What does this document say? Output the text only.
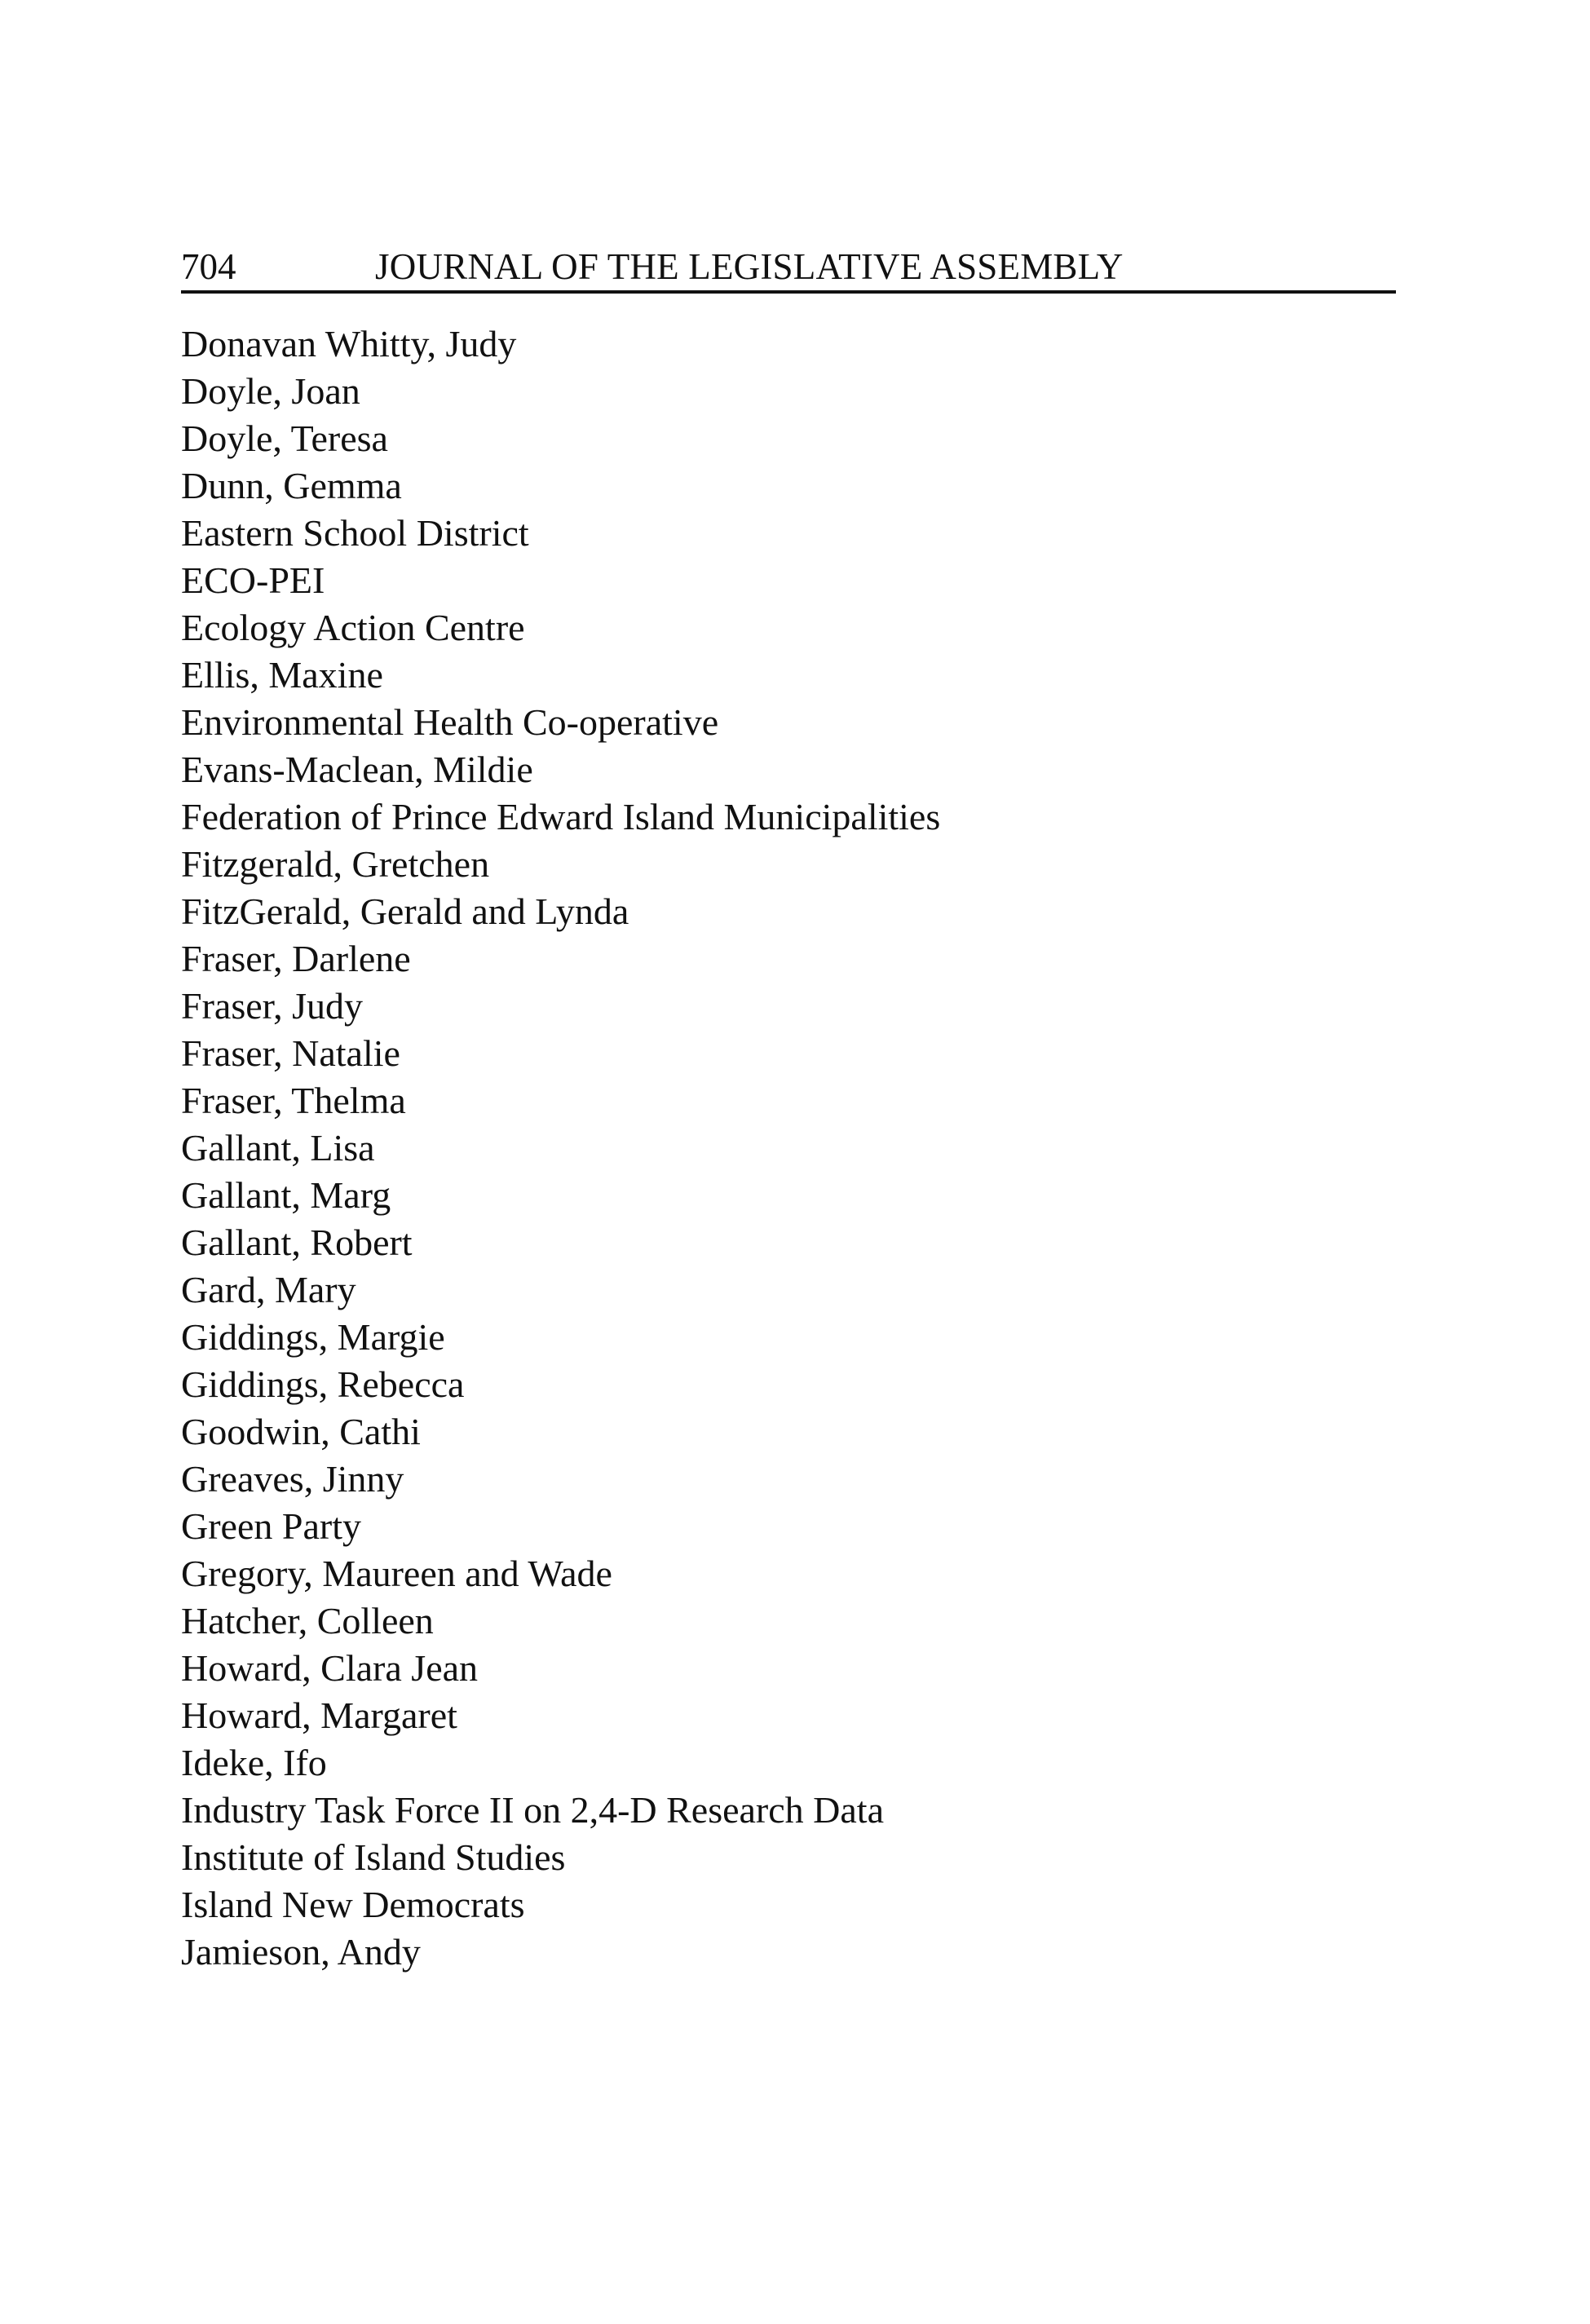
704	JOURNAL OF THE LEGISLATIVE ASSEMBLY
Donavan Whitty, Judy
Doyle, Joan
Doyle, Teresa
Dunn, Gemma
Eastern School District
ECO-PEI
Ecology Action Centre
Ellis, Maxine
Environmental Health Co-operative
Evans-Maclean, Mildie
Federation of Prince Edward Island Municipalities
Fitzgerald, Gretchen
FitzGerald, Gerald and Lynda
Fraser, Darlene
Fraser, Judy
Fraser, Natalie
Fraser, Thelma
Gallant, Lisa
Gallant, Marg
Gallant, Robert
Gard, Mary
Giddings, Margie
Giddings, Rebecca
Goodwin, Cathi
Greaves, Jinny
Green Party
Gregory, Maureen and Wade
Hatcher, Colleen
Howard, Clara Jean
Howard, Margaret
Ideke, Ifo
Industry Task Force II on 2,4-D Research Data
Institute of Island Studies
Island New Democrats
Jamieson, Andy
